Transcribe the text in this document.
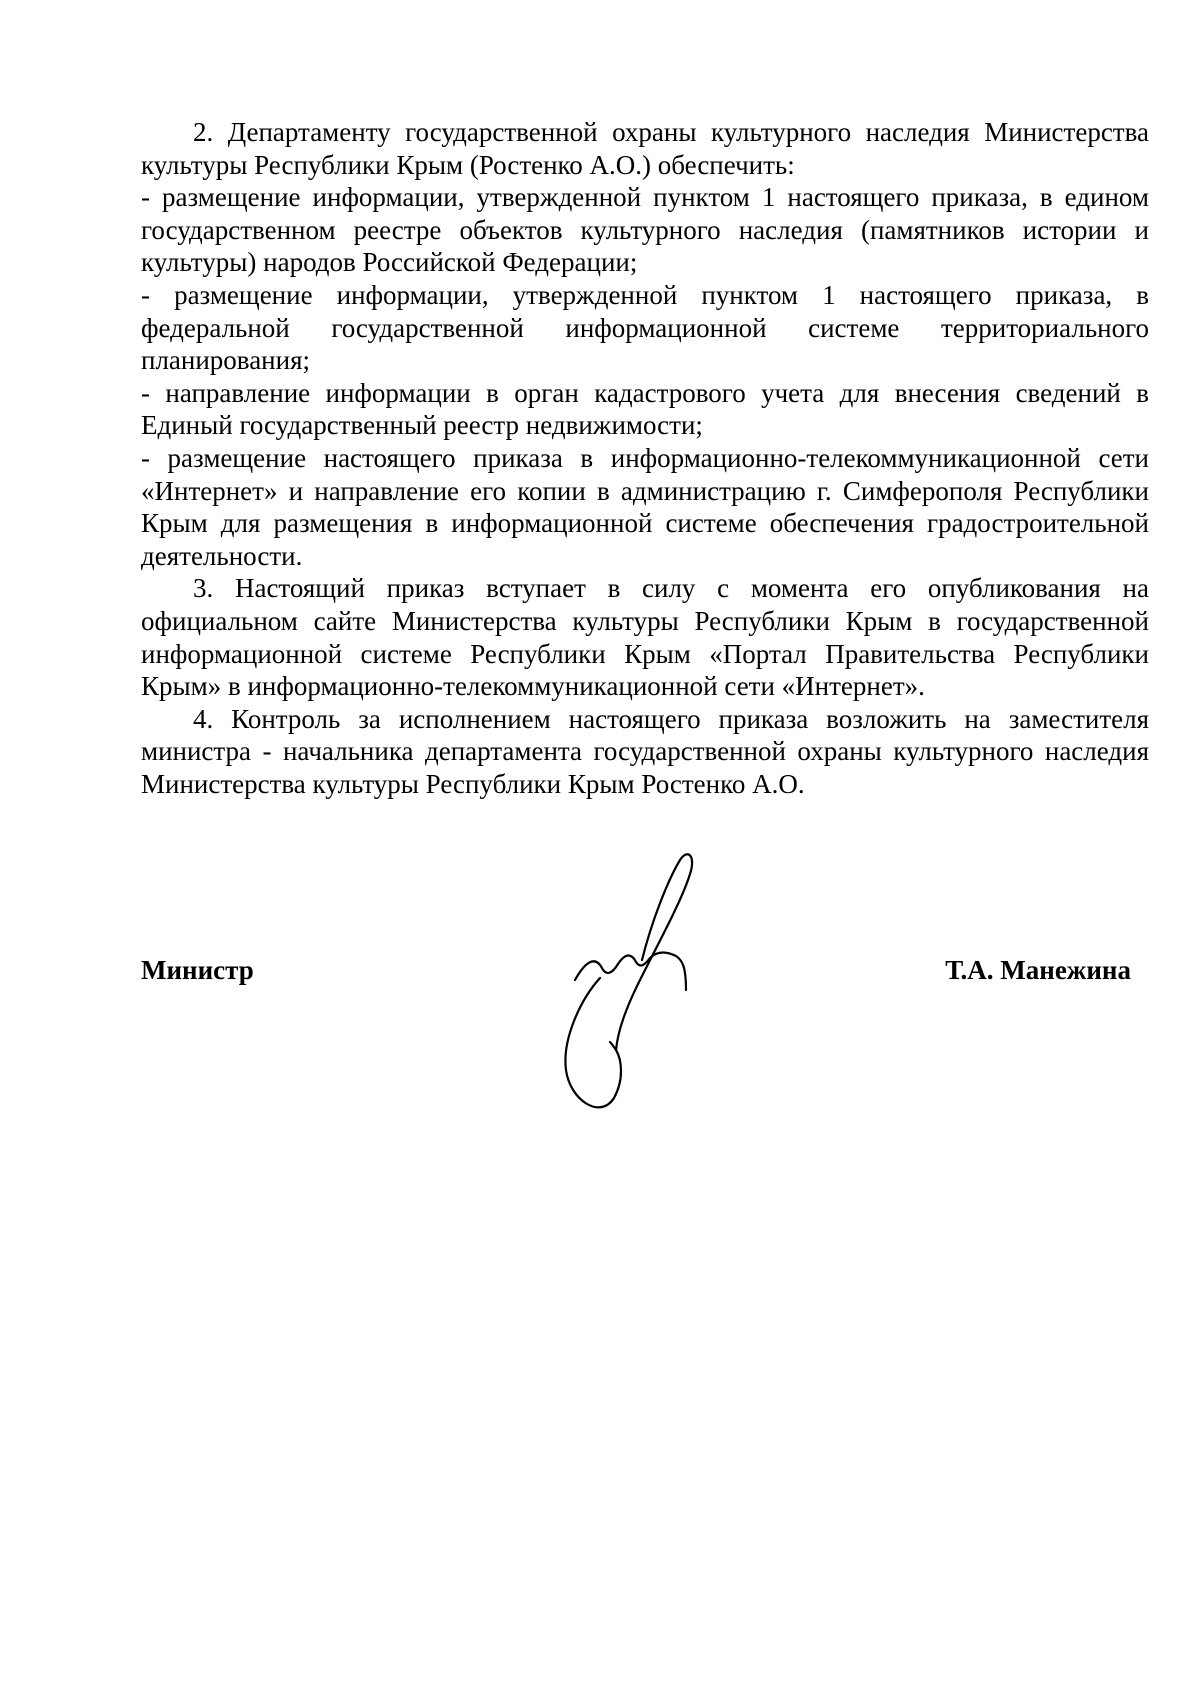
2. Департаменту государственной охраны культурного наследия Министерства культуры Республики Крым (Ростенко А.О.) обеспечить:

- размещение информации, утвержденной пунктом 1 настоящего приказа, в едином государственном реестре объектов культурного наследия (памятников истории и культуры) народов Российской Федерации;

- размещение информации, утвержденной пунктом 1 настоящего приказа, в федеральной государственной информационной системе территориального планирования;

- направление информации в орган кадастрового учета для внесения сведений в Единый государственный реестр недвижимости;

- размещение настоящего приказа в информационно-телекоммуникационной сети «Интернет» и направление его копии в администрацию г. Симферополя Республики Крым для размещения в информационной системе обеспечения градостроительной деятельности.

3. Настоящий приказ вступает в силу с момента его опубликования на официальном сайте Министерства культуры Республики Крым в государственной информационной системе Республики Крым «Портал Правительства Республики Крым» в информационно-телекоммуникационной сети «Интернет».

4. Контроль за исполнением настоящего приказа возложить на заместителя министра - начальника департамента государственной охраны культурного наследия Министерства культуры Республики Крым Ростенко А.О.

Министр	Т.А. Манежина
